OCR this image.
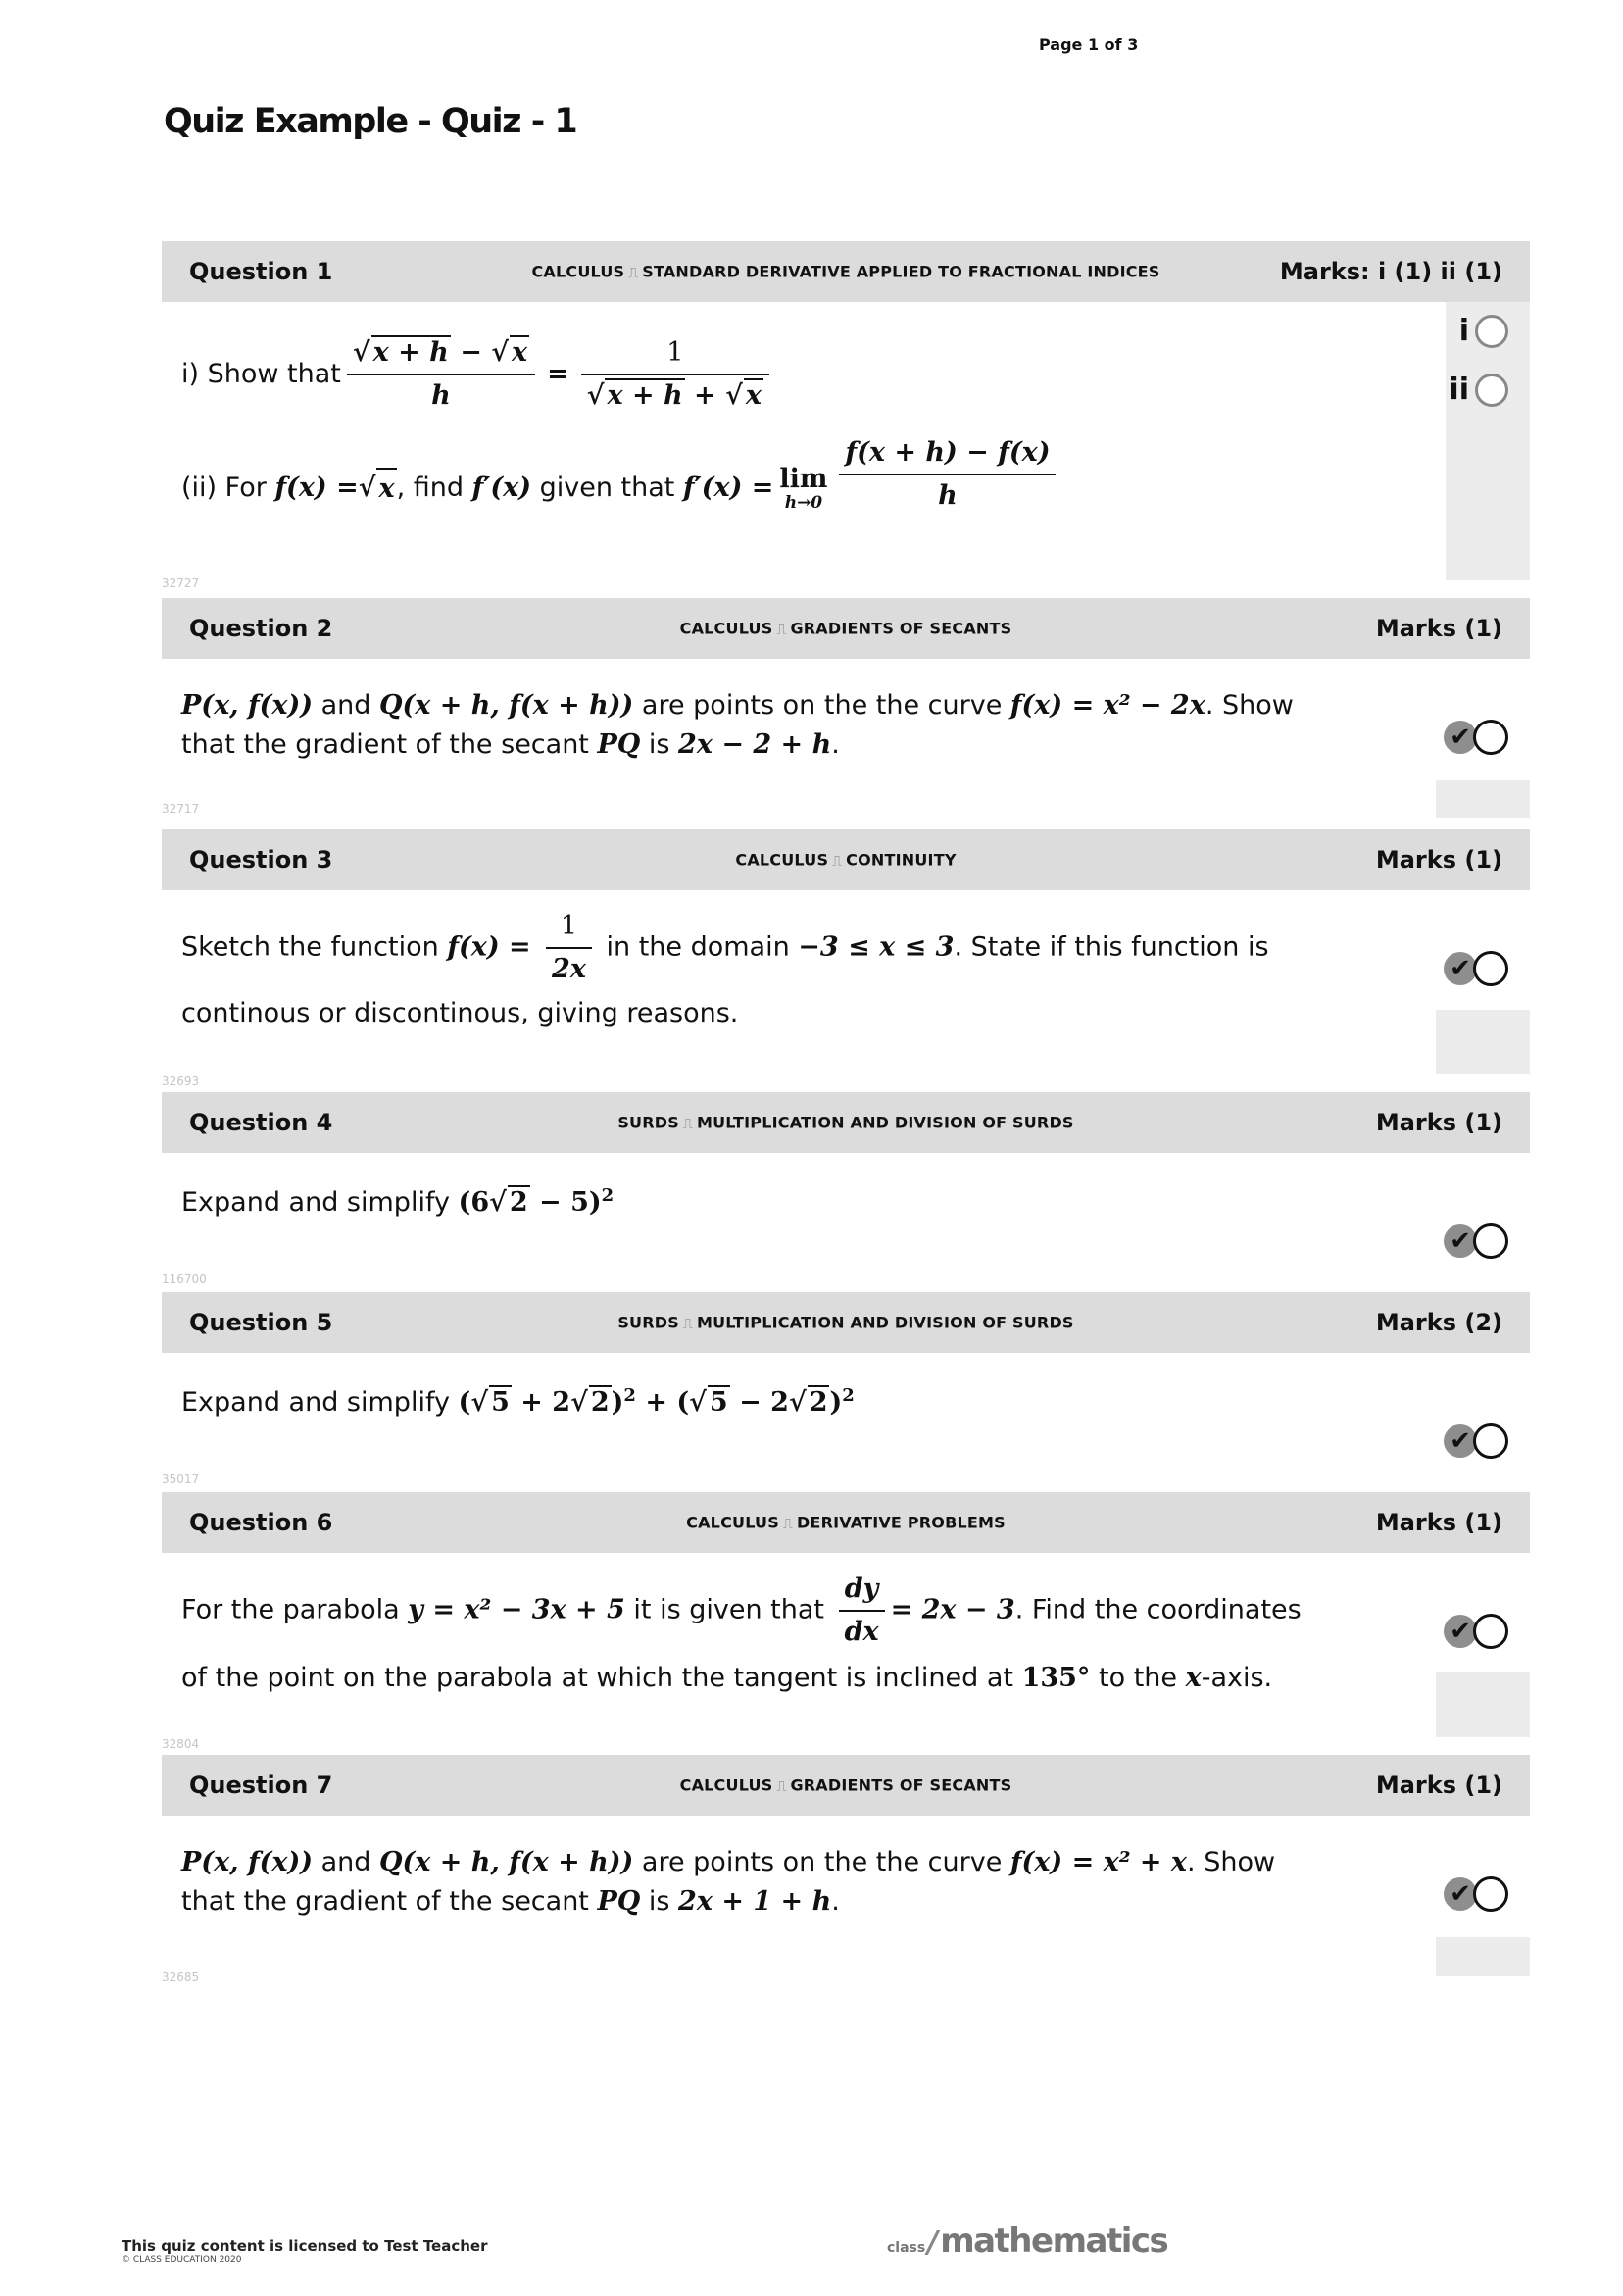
Page 1 of 3
Quiz Example - Quiz - 1
Question 1	CALCULUS ⎍ STANDARD DERIVATIVE APPLIED TO FRACTIONAL INDICES	Marks: i (1) ii (1)
i) Show that $\frac{√ x + h - √ x}{h} = \frac{1}{√ x + h + √ x}$
(ii) For
f(x) = √ x , find
f′(x)
given that
f′(x) = lim
$h\to 0 \frac{f(x + h) - f(x)}{h}$
i
ii
32727
Question 2	CALCULUS ⎍ GRADIENTS OF SECANTS	Marks (1)

P(x, f(x)) and Q(x + h, f(x + h)) are points on the the curve f(x) = x² − 2x. Show that the gradient of the secant PQ is 2x − 2 + h.	✔
32717
Question 3	CALCULUS ⎍ CONTINUITY	Marks (1)

Sketch the function $f(x) = \frac{1}{2x}$ in the domain −3 ≤ x ≤ 3. State if this function is continous or discontinous, giving reasons.

✔
32693
Question 4	SURDS ⎍ MULTIPLICATION AND DIVISION OF SURDS	Marks (1)

Expand and simplify (6√ 2 − 5)$^2$

✔
116700
Question 5	SURDS ⎍ MULTIPLICATION AND DIVISION OF SURDS	Marks (2)

Expand and simplify (√ 5 + 2√ 2)$^2$ + (√ 5 − 2√ 2)$^2$

✔
35017
Question 6	CALCULUS ⎍ DERIVATIVE PROBLEMS	Marks (1)

For the parabola y = x² − 3x + 5 it is given that $\frac{dy}{dx} = 2x - 3$. Find the coordinates of the point on the parabola at which the tangent is inclined at 135° to the x-axis.

✔
32804
Question 7	CALCULUS ⎍ GRADIENTS OF SECANTS	Marks (1)

P(x, f(x)) and Q(x + h, f(x + h)) are points on the the curve f(x) = x² + x. Show that the gradient of the secant PQ is 2x + 1 + h.	✔
32685
This quiz content is licensed to Test Teacher
© CLASS EDUCATION 2020
class / mathematics
